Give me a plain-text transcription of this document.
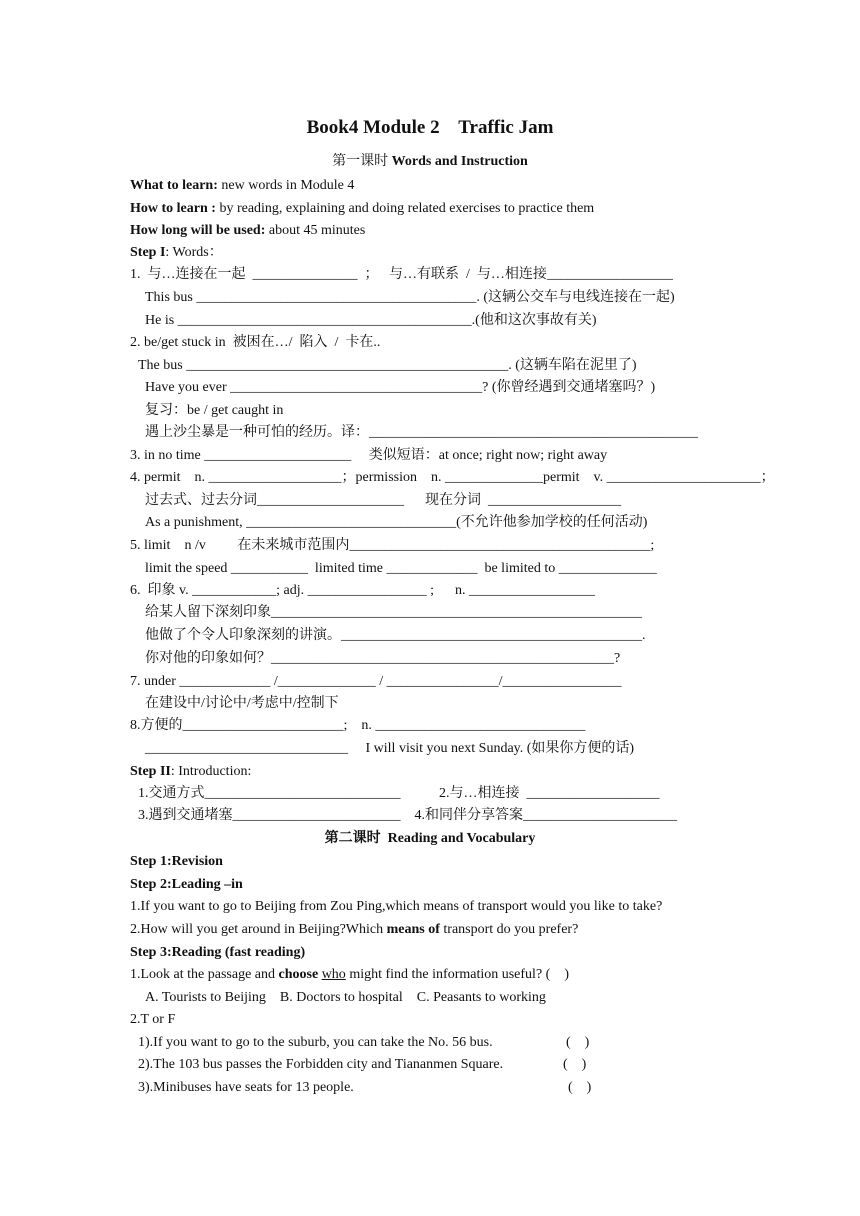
Book4 Module 2    Traffic Jam
第一课时 Words and Instruction
What to learn: new words in Module 4
How to learn : by reading, explaining and doing related exercises to practice them
How long will be used: about 45 minutes
Step I: Words：
1.  与…连接在一起  _______________  ；   与…有联系  /  与…相连接__________________
This bus ________________________________________. (这辆公交车与电线连接在一起)
He is __________________________________________.(他和这次事故有关)
2. be/get stuck in  被困在…/  陷入  /  卡在..
The bus ______________________________________________. (这辆车陷在泥里了)
Have you ever ____________________________________? (你曾经遇到交通堵塞吗？)
复习：be / get caught in
遇上沙尘暴是一种可怕的经历。译：_______________________________________________
3. in no time _____________________     类似短语：at once; right now; right away
4. permit    n. ___________________；permission    n. ______________permit    v. ______________________；
过去式、过去分词_____________________      现在分词  ___________________
As a punishment, ______________________________(不允许他参加学校的任何活动)
5. limit    n /v         在未来城市范围内___________________________________________;
limit the speed ___________  limited time _____________  be limited to ______________
6.  印象 v. ____________; adj. _________________ ;      n. __________________
给某人留下深刻印象_____________________________________________________
他做了个令人印象深刻的讲演。___________________________________________.
你对他的印象如何？_________________________________________________?
7. under _____________ /______________ / ________________/_________________
在建设中/讨论中/考虑中/控制下
8.方便的_______________________;    n. ______________________________
_____________________________     I will visit you next Sunday. (如果你方便的话)
Step II: Introduction:
1.交通方式____________________________           2.与…相连接  ___________________
3.遇到交通堵塞________________________    4.和同伴分享答案______________________
第二课时  Reading and Vocabulary
Step 1:Revision
Step 2:Leading –in
1.If you want to go to Beijing from Zou Ping,which means of transport would you like to take?
2.How will you get around in Beijing?Which means of transport do you prefer?
Step 3:Reading (fast reading)
1.Look at the passage and choose who might find the information useful? (    )
A. Tourists to Beijing    B. Doctors to hospital    C. Peasants to working
2.T or F
1).If you want to go to the suburb, you can take the No. 56 bus.	(    )
2).The 103 bus passes the Forbidden city and Tiananmen Square.	(    )
3).Minibuses have seats for 13 people.	(    )
